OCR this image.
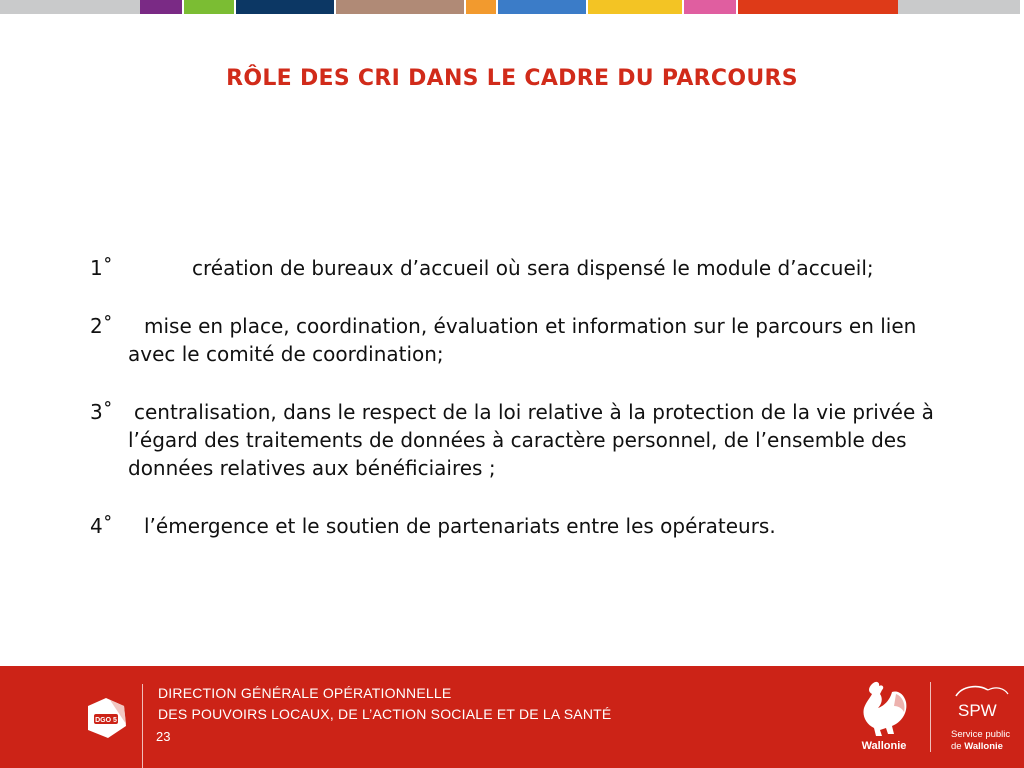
RÔLE DES CRI DANS LE CADRE DU PARCOURS
1˚	création de bureaux d’accueil où sera dispensé le module d’accueil;
2˚	mise en place, coordination, évaluation et information sur le parcours en lien avec le comité de coordination;
3˚	centralisation, dans le respect de la loi relative à la protection de la vie privée à l’égard des traitements de données à caractère personnel, de l’ensemble des données relatives aux bénéficiaires ;
4˚	l’émergence et le soutien de partenariats entre les opérateurs.
DGO 5
DIRECTION GÉNÉRALE OPÉRATIONNELLE
DES POUVOIRS LOCAUX, DE L’ACTION SOCIALE ET DE LA SANTÉ
23
Wallonie
SPW
Service public
de Wallonie
